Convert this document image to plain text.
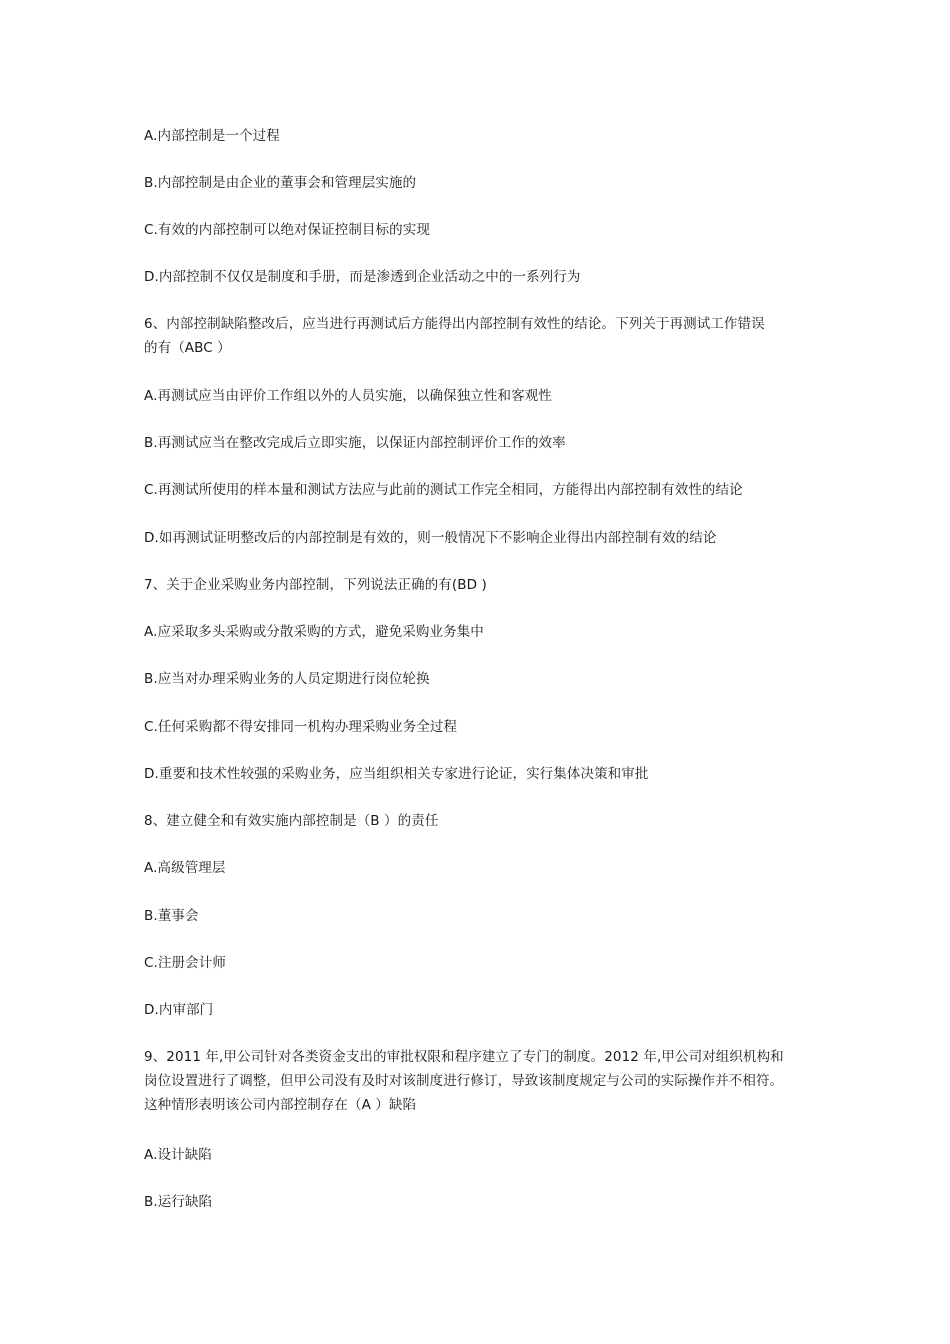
A.内部控制是一个过程
B.内部控制是由企业的董事会和管理层实施的
C.有效的内部控制可以绝对保证控制目标的实现
D.内部控制不仅仅是制度和手册，而是渗透到企业活动之中的一系列行为
6、内部控制缺陷整改后，应当进行再测试后方能得出内部控制有效性的结论。下列关于再测试工作错误
的有（ABC ）
A.再测试应当由评价工作组以外的人员实施，以确保独立性和客观性
B.再测试应当在整改完成后立即实施，以保证内部控制评价工作的效率
C.再测试所使用的样本量和测试方法应与此前的测试工作完全相同，方能得出内部控制有效性的结论
D.如再测试证明整改后的内部控制是有效的，则一般情况下不影响企业得出内部控制有效的结论
7、关于企业采购业务内部控制，下列说法正确的有(BD )
A.应采取多头采购或分散采购的方式，避免采购业务集中
B.应当对办理采购业务的人员定期进行岗位轮换
C.任何采购都不得安排同一机构办理采购业务全过程
D.重要和技术性较强的采购业务，应当组织相关专家进行论证，实行集体决策和审批
8、建立健全和有效实施内部控制是（B ）的责任
A.高级管理层
B.董事会
C.注册会计师
D.内审部门
9、2011 年,甲公司针对各类资金支出的审批权限和程序建立了专门的制度。2012 年,甲公司对组织机构和
岗位设置进行了调整，但甲公司没有及时对该制度进行修订，导致该制度规定与公司的实际操作并不相符。
这种情形表明该公司内部控制存在（A ）缺陷
A.设计缺陷
B.运行缺陷
